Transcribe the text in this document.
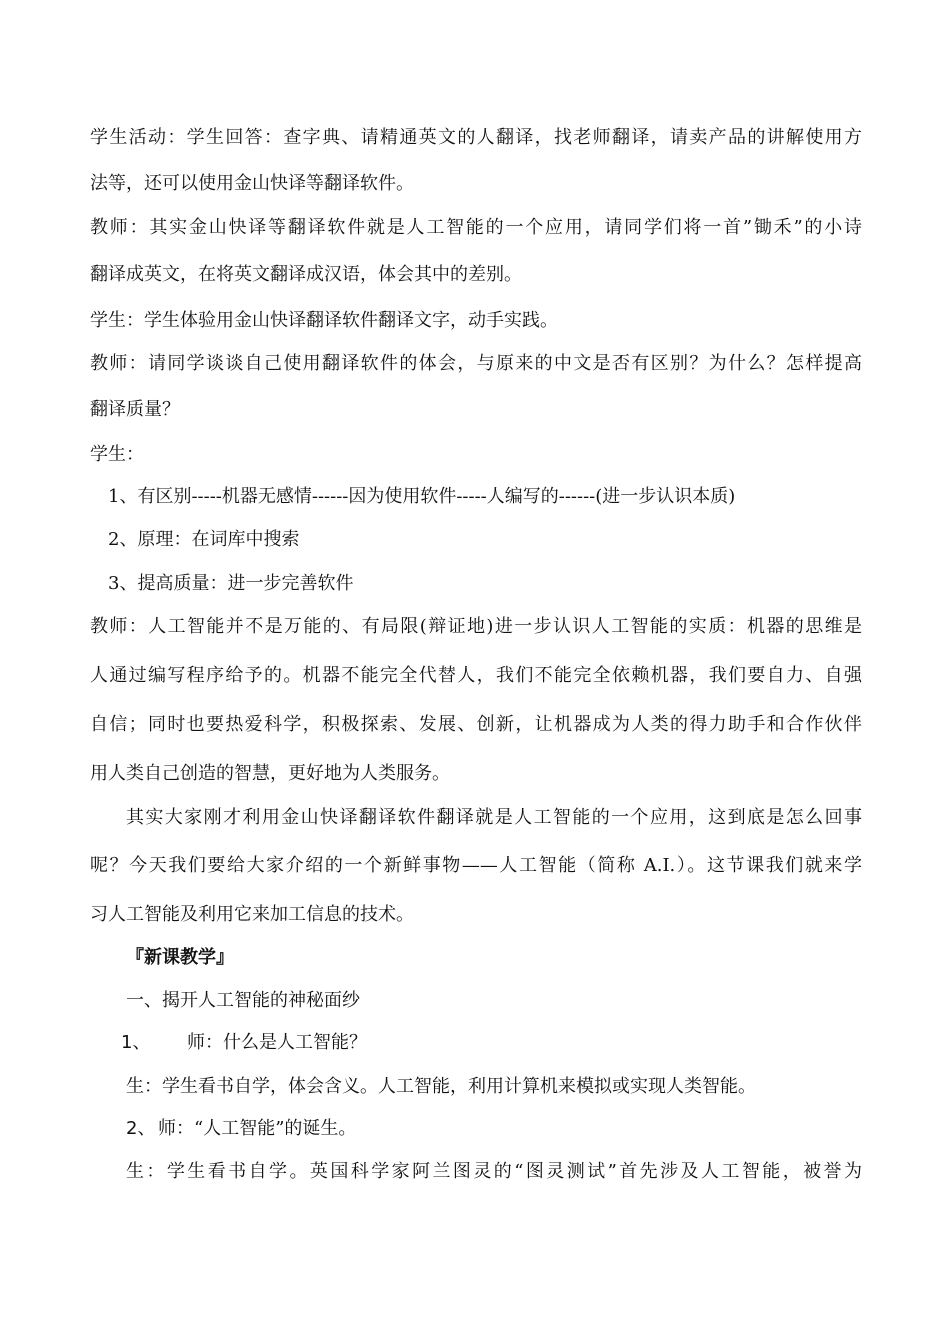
学生活动：学生回答：查字典、请精通英文的人翻译，找老师翻译，请卖产品的讲解使用方
法等，还可以使用金山快译等翻译软件。
教师：其实金山快译等翻译软件就是人工智能的一个应用，请同学们将一首”锄禾”的小诗
翻译成英文，在将英文翻译成汉语，体会其中的差别。
学生：学生体验用金山快译翻译软件翻译文字，动手实践。
教师：请同学谈谈自己使用翻译软件的体会，与原来的中文是否有区别？为什么？怎样提高
翻译质量？
学生：
1、有区别-----机器无感情------因为使用软件-----人编写的------(进一步认识本质)
2、原理：在词库中搜索
3、提高质量：进一步完善软件
教师：人工智能并不是万能的、有局限(辩证地)进一步认识人工智能的实质：机器的思维是
人通过编写程序给予的。机器不能完全代替人，我们不能完全依赖机器，我们要自力、自强
自信；同时也要热爱科学，积极探索、发展、创新，让机器成为人类的得力助手和合作伙伴
用人类自己创造的智慧，更好地为人类服务。
其实大家刚才利用金山快译翻译软件翻译就是人工智能的一个应用，这到底是怎么回事
呢？今天我们要给大家介绍的一个新鲜事物——人工智能（简称 A.I.）。这节课我们就来学
习人工智能及利用它来加工信息的技术。
『新课教学』
一、揭开人工智能的神秘面纱
1、 师：什么是人工智能？
生：学生看书自学，体会含义。人工智能，利用计算机来模拟或实现人类智能。
2、 师：“人工智能”的诞生。
生：学生看书自学。英国科学家阿兰图灵的“图灵测试”首先涉及人工智能，被誉为
